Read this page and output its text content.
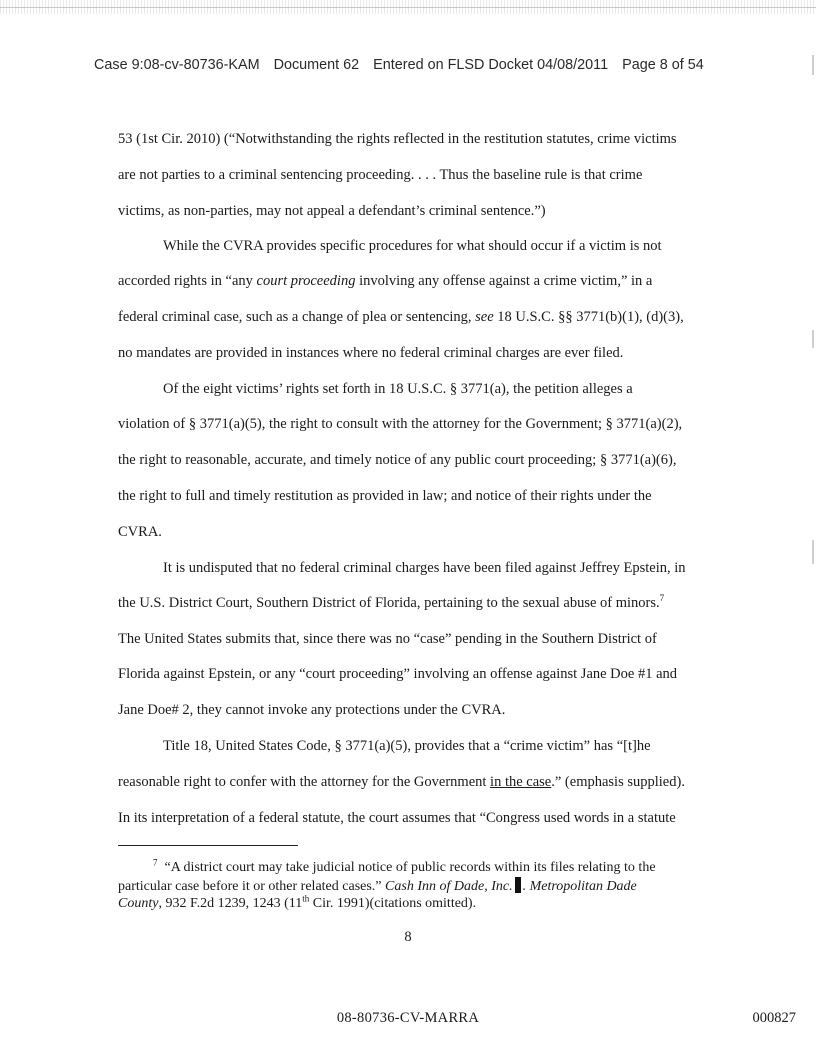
Case 9:08-cv-80736-KAM Document 62 Entered on FLSD Docket 04/08/2011 Page 8 of 54
53 (1st Cir. 2010) (“Notwithstanding the rights reflected in the restitution statutes, crime victims
are not parties to a criminal sentencing proceeding. . . . Thus the baseline rule is that crime
victims, as non-parties, may not appeal a defendant’s criminal sentence.”)
While the CVRA provides specific procedures for what should occur if a victim is not
accorded rights in “any court proceeding involving any offense against a crime victim,” in a
federal criminal case, such as a change of plea or sentencing, see 18 U.S.C. §§ 3771(b)(1), (d)(3),
no mandates are provided in instances where no federal criminal charges are ever filed.
Of the eight victims’ rights set forth in 18 U.S.C. § 3771(a), the petition alleges a
violation of § 3771(a)(5), the right to consult with the attorney for the Government; § 3771(a)(2),
the right to reasonable, accurate, and timely notice of any public court proceeding; § 3771(a)(6),
the right to full and timely restitution as provided in law; and notice of their rights under the
CVRA.
It is undisputed that no federal criminal charges have been filed against Jeffrey Epstein, in
the U.S. District Court, Southern District of Florida, pertaining to the sexual abuse of minors.$^7$
The United States submits that, since there was no “case” pending in the Southern District of
Florida against Epstein, or any “court proceeding” involving an offense against Jane Doe #1 and
Jane Doe# 2, they cannot invoke any protections under the CVRA.
Title 18, United States Code, § 3771(a)(5), provides that a “crime victim” has “[t]he
reasonable right to confer with the attorney for the Government in the case.” (emphasis supplied).
In its interpretation of a federal statute, the court assumes that “Congress used words in a statute
$^7$ “A district court may take judicial notice of public records within its files relating to the
particular case before it or other related cases.” Cash Inn of Dade, Inc. . Metropolitan Dade
County, 932 F.2d 1239, 1243 (11th Cir. 1991)(citations omitted).
8
08-80736-CV-MARRA	000827
